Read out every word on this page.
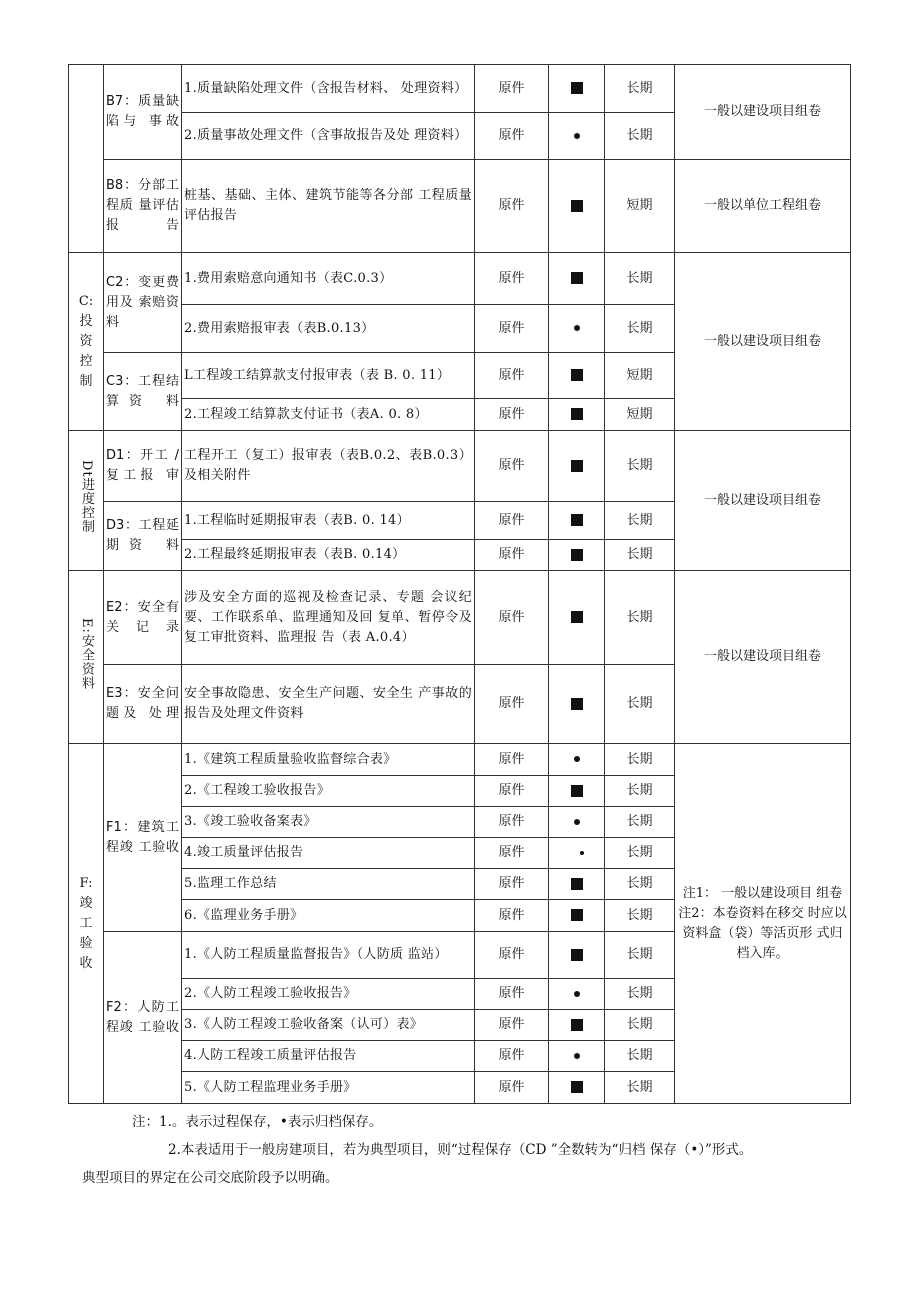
	B7：质量缺陷与 事故	1.质量缺陷处理文件（含报告材料、 处理资料）	原件		长期	一般以建设项目组卷
		2.质量事故处理文件（含事故报告及处 理资料）	原件		长期	
	B8：分部工程质 量评估 报告	桩基、基础、主体、建筑节能等各分部 工程质量评估报告	原件		短期	一般以单位工程组卷
C:投资控制	C2：变更费用及 索赔资料	1.费用索赔意向通知书（表C.0.3）	原件		长期	一般以建设项目组卷
		2.费用索赔报审表（表B.0.13）	原件		长期	
	C3：工程结算资 料	L工程竣工结算款支付报审表（表 B. 0. 11）	原件		短期	
		2.工程竣工结算款支付证书（表A. 0. 8）	原件		短期	
Dt进度控制	D1：开工 /复工报 审	工程开工（复工）报审表（表B.0.2、表B.0.3）及相关附件	原件		长期	一般以建设项目组卷
	D3：工程延期资 料	1.工程临时延期报审表（表B. 0. 14）	原件		长期	
		2.工程最终延期报审表（表B. 0.14）	原件		长期	
E:安全资料	E2：安全有关记录	涉及安全方面的巡视及检查记录、专题 会议纪要、工作联系单、监理通知及回 复单、暂停令及复工审批资料、监理报 告（表 A.0.4）	原件		长期	一般以建设项目组卷
	E3：安全问题及 处理	安全事故隐患、安全生产问题、安全生 产事故的报告及处理文件资料	原件		长期	
F:竣工验收	F1：建筑工程竣 工验收	1.《建筑工程质量验收监督综合表》	原件		长期	注1： 一般以建设项目 组卷
注2：本卷资料在移交 时应以资料盒（袋）等活页形 式归档入库。

		2.《工程竣工验收报告》	原件		长期	
		3.《竣工验收备案表》	原件		长期	
		4.竣工质量评估报告	原件		长期	
		5.监理工作总结	原件		长期	
		6.《监理业务手册》	原件		长期	
	F2：人防工程竣 工验收	1.《人防工程质量监督报告》（人防质 监站）	原件		长期	
		2.《人防工程竣工验收报告》	原件		长期	
		3.《人防工程竣工验收备案（认可）表》	原件		长期	
		4.人防工程竣工质量评估报告	原件		长期	
		5.《人防工程监理业务手册》	原件		长期	
注：1.。表示过程保存，•表示归档保存。
2.本表适用于一般房建项目，若为典型项目，则“过程保存（CD ”全数转为“归档 保存（•）”形式。
典型项目的界定在公司交底阶段予以明确。
